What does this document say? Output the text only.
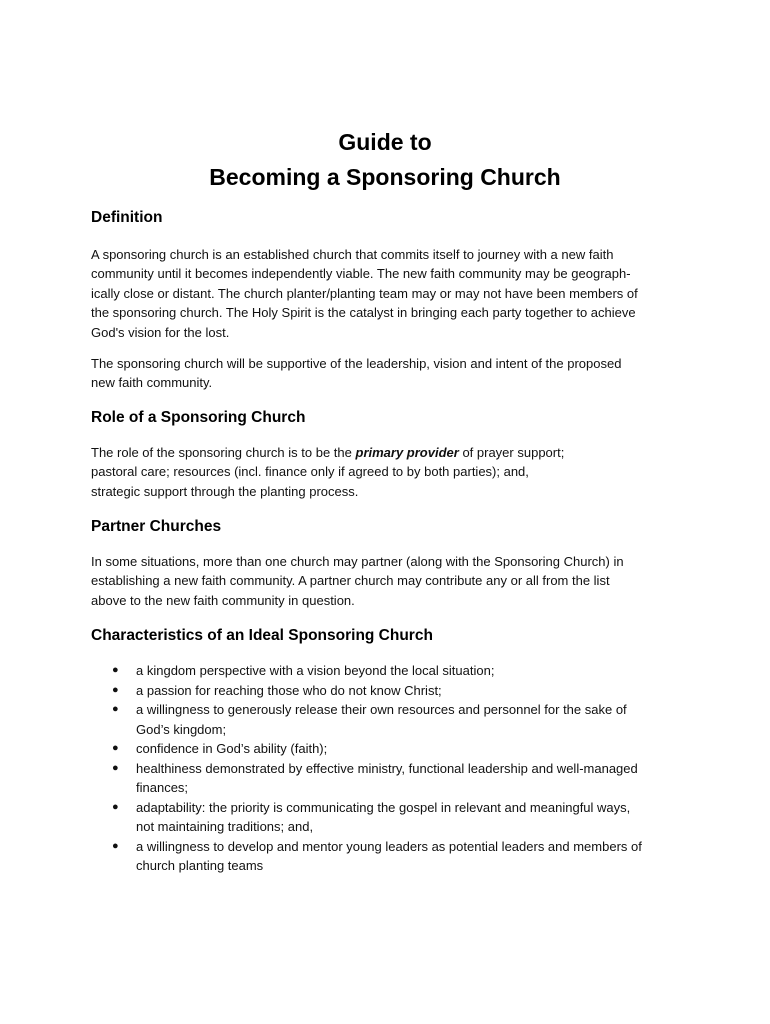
Guide to
Becoming a Sponsoring Church
Definition
A sponsoring church is an established church that commits itself to journey with a new faith
community until it becomes independently viable. The new faith community may be geograph-
ically close or distant. The church planter/planting team may or may not have been members of
the sponsoring church. The Holy Spirit is the catalyst in bringing each party together to achieve
God's vision for the lost.
The sponsoring church will be supportive of the leadership, vision and intent of the proposed
new faith community.
Role of a Sponsoring Church
The role of the sponsoring church is to be the primary provider of prayer support;
pastoral care; resources (incl. finance only if agreed to by both parties); and,
strategic support through the planting process.
Partner Churches
In some situations, more than one church may partner (along with the Sponsoring Church) in
establishing a new faith community. A partner church may contribute any or all from the list
above to the new faith community in question.
Characteristics of an Ideal Sponsoring Church
● a kingdom perspective with a vision beyond the local situation;
● a passion for reaching those who do not know Christ;
● a willingness to generously release their own resources and personnel for the sake of
God’s kingdom;
● confidence in God’s ability (faith);
● healthiness demonstrated by effective ministry, functional leadership and well-managed
finances;
● adaptability: the priority is communicating the gospel in relevant and meaningful ways,
not maintaining traditions; and,
● a willingness to develop and mentor young leaders as potential leaders and members of
church planting teams
